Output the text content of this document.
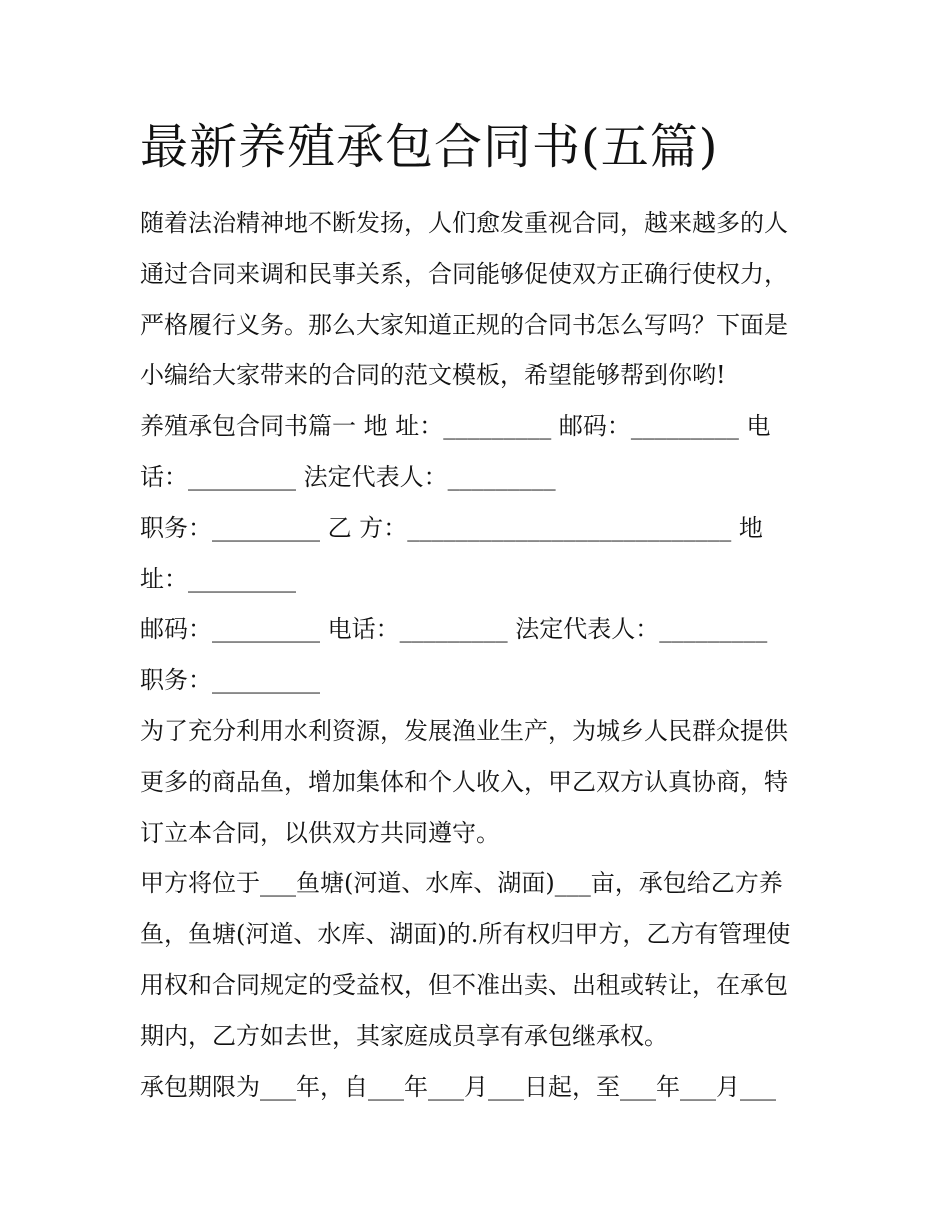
最新养殖承包合同书(五篇)
随着法治精神地不断发扬，人们愈发重视合同，越来越多的人
通过合同来调和民事关系，合同能够促使双方正确行使权力，
严格履行义务。那么大家知道正规的合同书怎么写吗？下面是
小编给大家带来的合同的范文模板，希望能够帮到你哟!
养殖承包合同书篇一 地 址：_________ 邮码：_________ 电
话：_________ 法定代表人：_________
职务：_________ 乙 方：___________________________ 地
址：_________
邮码：_________ 电话：_________ 法定代表人：_________
职务：_________
为了充分利用水利资源，发展渔业生产，为城乡人民群众提供
更多的商品鱼，增加集体和个人收入，甲乙双方认真协商，特
订立本合同，以供双方共同遵守。
甲方将位于___鱼塘(河道、水库、湖面)___亩，承包给乙方养
鱼，鱼塘(河道、水库、湖面)的.所有权归甲方，乙方有管理使
用权和合同规定的受益权，但不准出卖、出租或转让，在承包
期内，乙方如去世，其家庭成员享有承包继承权。
承包期限为___年，自___年___月___日起，至___年___月___
